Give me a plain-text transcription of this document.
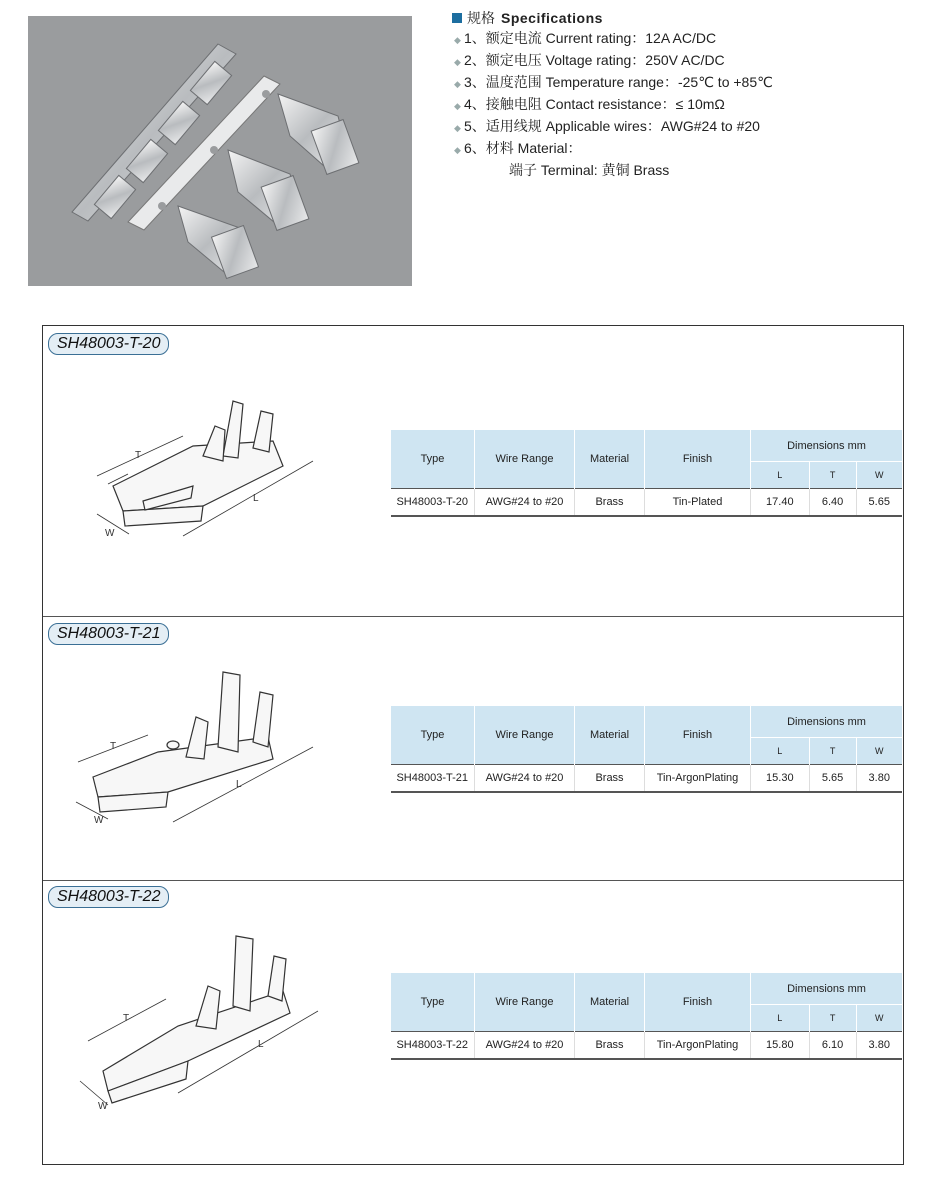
规格 Specifications
◆ 1、额定电流 Current rating：12A AC/DC
◆ 2、额定电压 Voltage rating：250V AC/DC
◆ 3、温度范围 Temperature range：-25℃ to +85℃
◆ 4、接触电阻 Contact resistance：≤ 10mΩ
◆ 5、适用线规 Applicable wires：AWG#24 to #20
◆ 6、材料 Material：
端子 Terminal: 黄铜 Brass
SH48003-T-20
T
L
W
Type	Wire Range	Material	Finish	Dimensions mm		
				L	T	W
SH48003-T-20	AWG#24 to #20	Brass	Tin-Plated	17.40	6.40	5.65
SH48003-T-21
T
L
W
Type	Wire Range	Material	Finish	Dimensions mm		
				L	T	W
SH48003-T-21	AWG#24 to #20	Brass	Tin-ArgonPlating	15.30	5.65	3.80
SH48003-T-22
T
L
W
Type	Wire Range	Material	Finish	Dimensions mm		
				L	T	W
SH48003-T-22	AWG#24 to #20	Brass	Tin-ArgonPlating	15.80	6.10	3.80
